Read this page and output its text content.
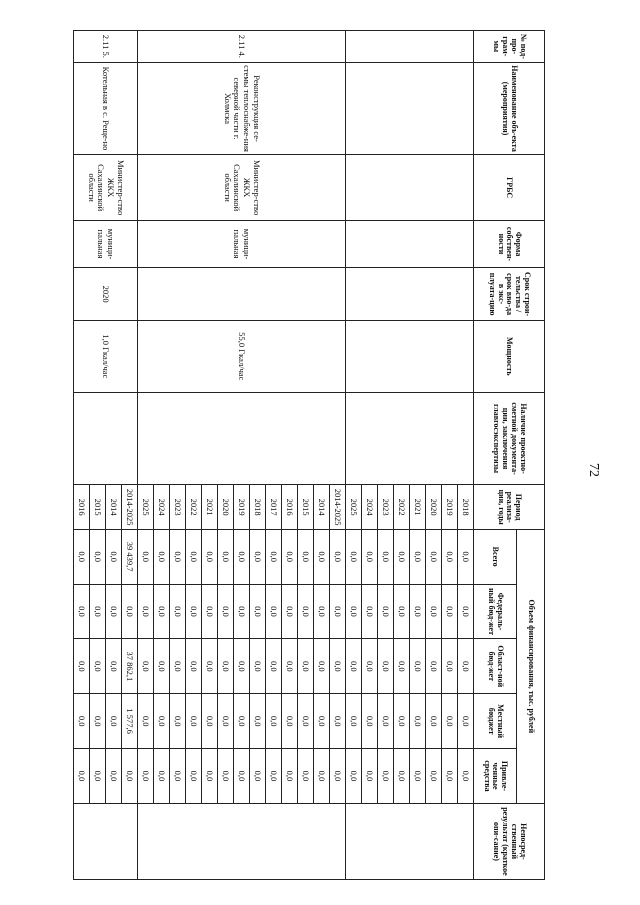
72
№ под-про-грам-мы	Наименование объ-екта (мероприятия)	ГРБС	Форма собствен-ности	Срок строи-тельства / срок вво-да в экс-плуата-цию	Мощность	Наличие проектно-сметной документа-ции, заключения главгосэкспертизы	Период реализа-ции, годы	Объем финансирования, тыс. рублей					Непосред-ственный результат (краткое опи-сание)
								Всего	Федераль-ный бюд-жет	Област-ной бюд-жет	Местный бюджет	Привле-ченные средства	
							2018	0,0	0,0	0,0	0,0	0,0	
							2019	0,0	0,0	0,0	0,0	0,0	
							2020	0,0	0,0	0,0	0,0	0,0	
							2021	0,0	0,0	0,0	0,0	0,0	
							2022	0,0	0,0	0,0	0,0	0,0	
							2023	0,0	0,0	0,0	0,0	0,0	
							2024	0,0	0,0	0,0	0,0	0,0	
							2025	0,0	0,0	0,0	0,0	0,0	
2.11 4.	Реконструкция се-стемы теплоснабже-ния северной части г. Холмска	Министер-ство ЖКХ Сахалинской области	муници-пальная		55,0 Гкал/час		2014-2025	0,0	0,0	0,0	0,0	0,0	
							2014	0,0	0,0	0,0	0,0	0,0	
							2015	0,0	0,0	0,0	0,0	0,0	
							2016	0,0	0,0	0,0	0,0	0,0	
							2017	0,0	0,0	0,0	0,0	0,0	
							2018	0,0	0,0	0,0	0,0	0,0	
							2019	0,0	0,0	0,0	0,0	0,0	
							2020	0,0	0,0	0,0	0,0	0,0	
							2021	0,0	0,0	0,0	0,0	0,0	
							2022	0,0	0,0	0,0	0,0	0,0	
							2023	0,0	0,0	0,0	0,0	0,0	
							2024	0,0	0,0	0,0	0,0	0,0	
							2025	0,0	0,0	0,0	0,0	0,0	
2.11 5.	Котельная в с. Реще-но	Министер-ство ЖКХ Сахалинской области	муници-пальная	2020	1,0 Гкал/час		2014-2025	39 439,7	0,0	37 862,1	1 577,6	0,0	
							2014	0,0	0,0	0,0	0,0	0,0	
							2015	0,0	0,0	0,0	0,0	0,0	
							2016	0,0	0,0	0,0	0,0	0,0	
